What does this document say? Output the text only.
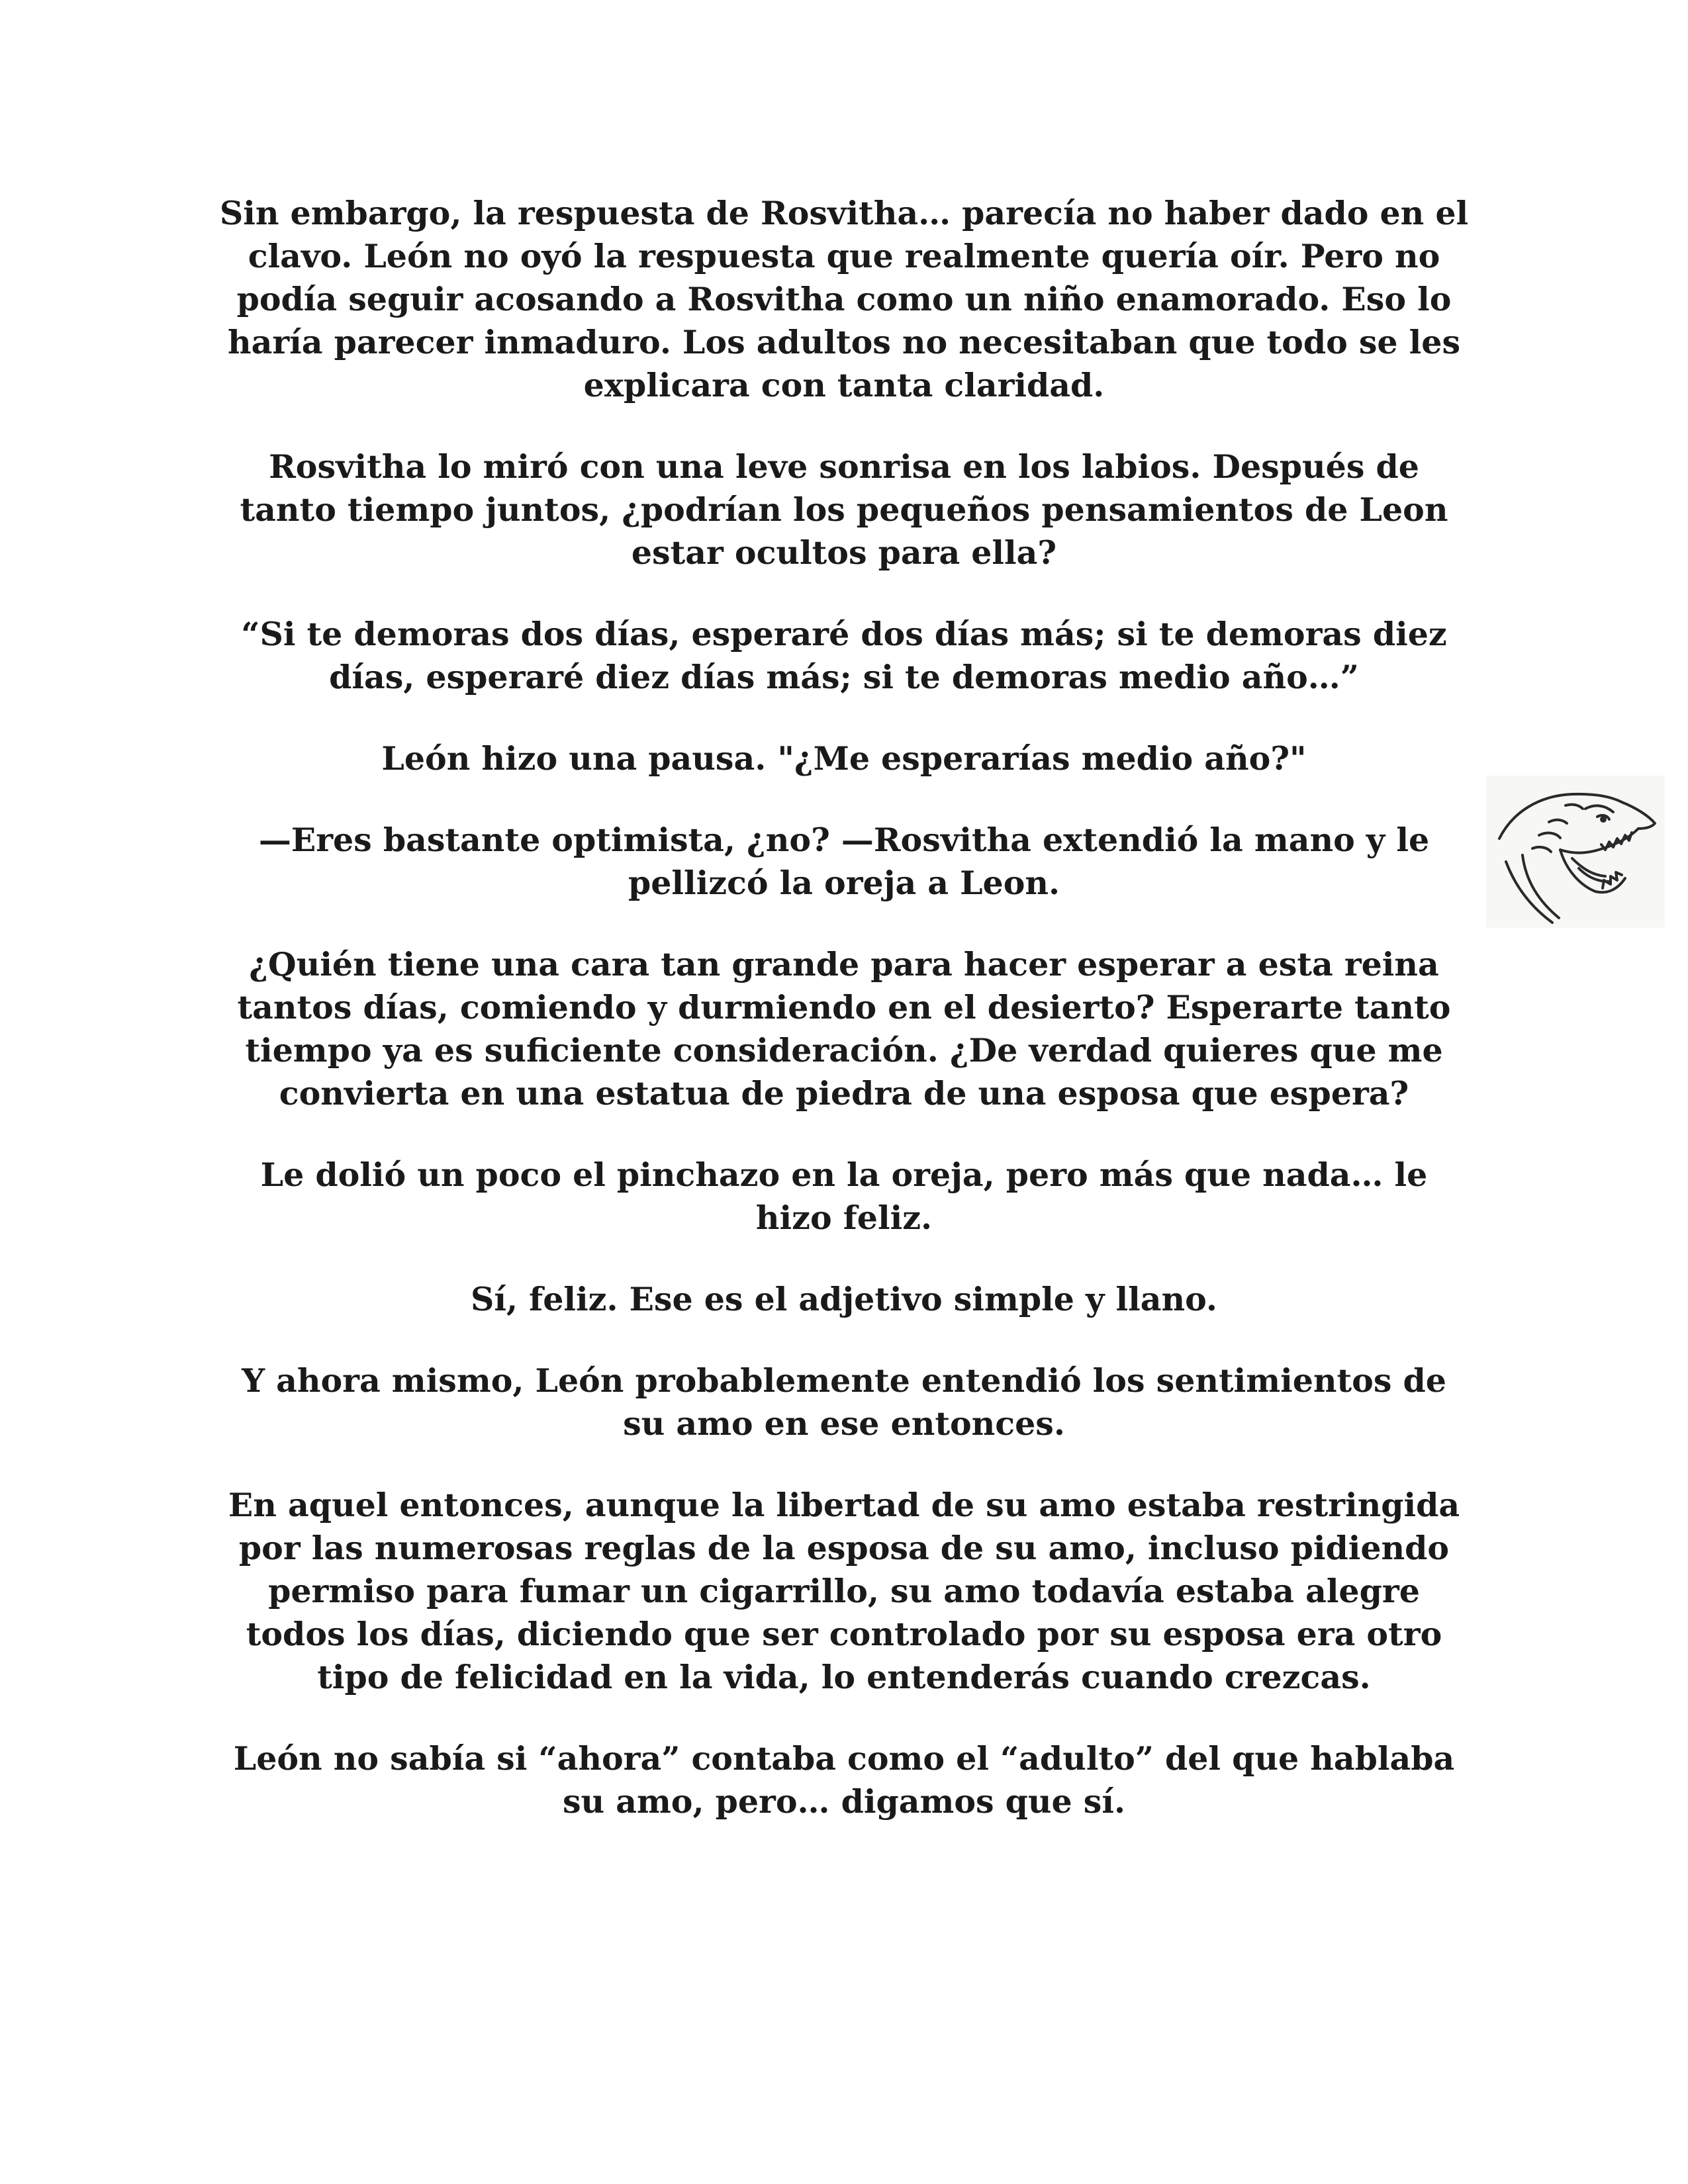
Sin embargo, la respuesta de Rosvitha… parecía no haber dado en el clavo. León no oyó la respuesta que realmente quería oír. Pero no podía seguir acosando a Rosvitha como un niño enamorado. Eso lo haría parecer inmaduro. Los adultos no necesitaban que todo se les explicara con tanta claridad.

Rosvitha lo miró con una leve sonrisa en los labios. Después de tanto tiempo juntos, ¿podrían los pequeños pensamientos de Leon estar ocultos para ella?

“Si te demoras dos días, esperaré dos días más; si te demoras diez días, esperaré diez días más; si te demoras medio año…”

León hizo una pausa. "¿Me esperarías medio año?"

—Eres bastante optimista, ¿no? —Rosvitha extendió la mano y le pellizcó la oreja a Leon.

¿Quién tiene una cara tan grande para hacer esperar a esta reina tantos días, comiendo y durmiendo en el desierto? Esperarte tanto tiempo ya es suficiente consideración. ¿De verdad quieres que me convierta en una estatua de piedra de una esposa que espera?

Le dolió un poco el pinchazo en la oreja, pero más que nada… le hizo feliz.

Sí, feliz. Ese es el adjetivo simple y llano.

Y ahora mismo, León probablemente entendió los sentimientos de su amo en ese entonces.

En aquel entonces, aunque la libertad de su amo estaba restringida por las numerosas reglas de la esposa de su amo, incluso pidiendo permiso para fumar un cigarrillo, su amo todavía estaba alegre todos los días, diciendo que ser controlado por su esposa era otro tipo de felicidad en la vida, lo entenderás cuando crezcas.

León no sabía si “ahora” contaba como el “adulto” del que hablaba su amo, pero… digamos que sí.
